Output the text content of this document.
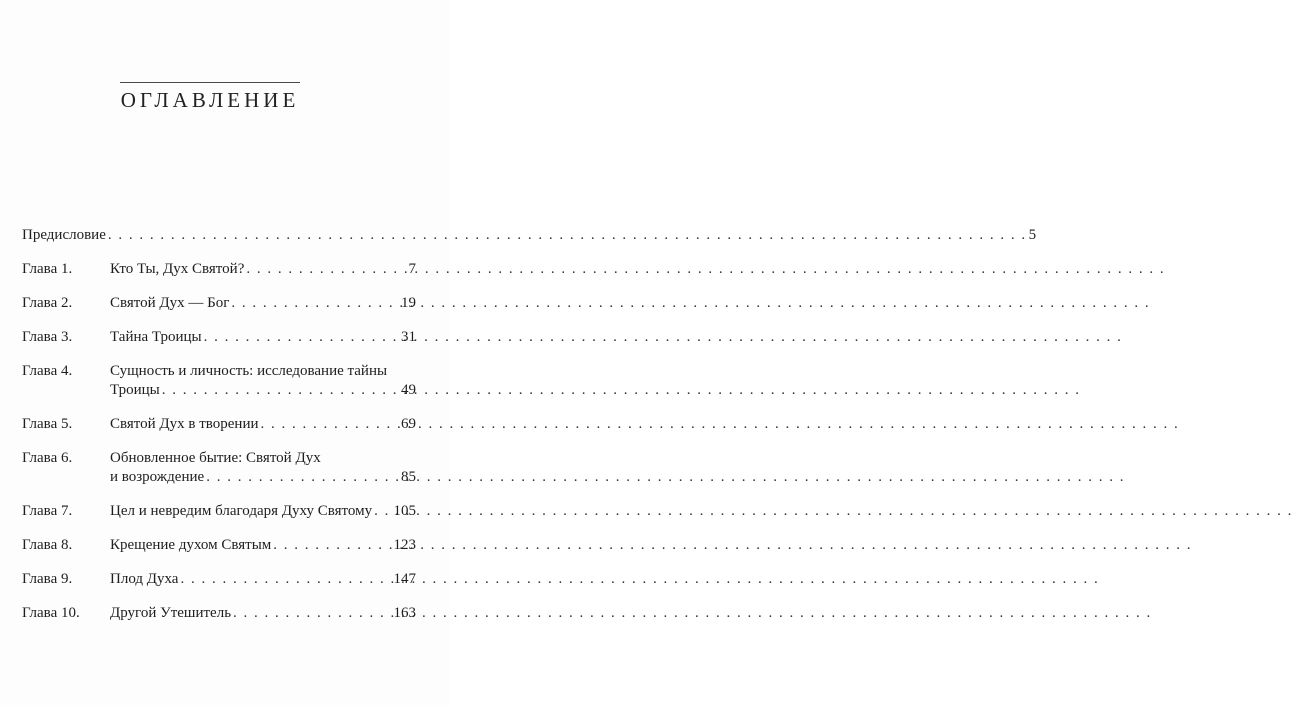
ОГЛАВЛЕНИЕ
Предисловие . . .	5
Глава 1.	Кто Ты, Дух Святой? . . .	7
Глава 2.	Святой Дух — Бог . . .	19
Глава 3.	Тайна Троицы . . .	31
Глава 4.	Сущность и личность: исследование тайны
Троицы . . .	49
Глава 5.	Святой Дух в творении . . .	69
Глава 6.	Обновленное бытие: Святой Дух
и возрождение . . .	85
Глава 7.	Цел и невредим благодаря Духу Святому . . . 105
Глава 8.	Крещение духом Святым . . .	123
Глава 9.	Плод Духа . . .	147
Глава 10.	Другой Утешитель . . .	163
